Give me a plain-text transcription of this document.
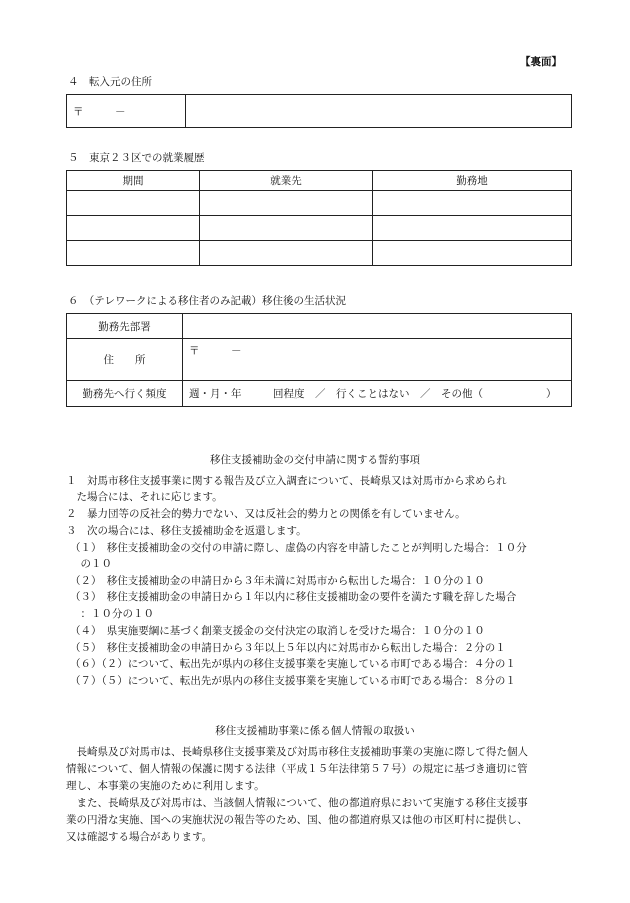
【裏面】
４　転入元の住所
〒　　　－	
５　東京２３区での就業履歴
期間	就業先	勤務地

６　（テレワークによる移住者のみ記載）移住後の生活状況
勤務先部署	
住　　所	〒　　　－
勤務先へ行く頻度	週・月・年　　　回程度　／　行くことはない　／　その他（　　　　　　）
移住支援補助金の交付申請に関する誓約事項
１　対馬市移住支援事業に関する報告及び立入調査について、長崎県又は対馬市から求められ
　た場合には、それに応じます。
２　暴力団等の反社会的勢力でない、又は反社会的勢力との関係を有していません。
３　次の場合には、移住支援補助金を返還します。
（１）　移住支援補助金の交付の申請に際し、虚偽の内容を申請したことが判明した場合：１０分
　の１０
（２）　移住支援補助金の申請日から３年未満に対馬市から転出した場合：１０分の１０
（３）　移住支援補助金の申請日から１年以内に移住支援補助金の要件を満たす職を辞した場合
　：１０分の１０
（４）　県実施要綱に基づく創業支援金の交付決定の取消しを受けた場合：１０分の１０
（５）　移住支援補助金の申請日から３年以上５年以内に対馬市から転出した場合：２分の１
（６）（２）について、転出先が県内の移住支援事業を実施している市町である場合：４分の１
（７）（５）について、転出先が県内の移住支援事業を実施している市町である場合：８分の１
移住支援補助事業に係る個人情報の取扱い
　長崎県及び対馬市は、長崎県移住支援事業及び対馬市移住支援補助事業の実施に際して得た個人
情報について、個人情報の保護に関する法律（平成１５年法律第５７号）の規定に基づき適切に管
理し、本事業の実施のために利用します。
　また、長崎県及び対馬市は、当該個人情報について、他の都道府県において実施する移住支援事
業の円滑な実施、国への実施状況の報告等のため、国、他の都道府県又は他の市区町村に提供し、
又は確認する場合があります。
